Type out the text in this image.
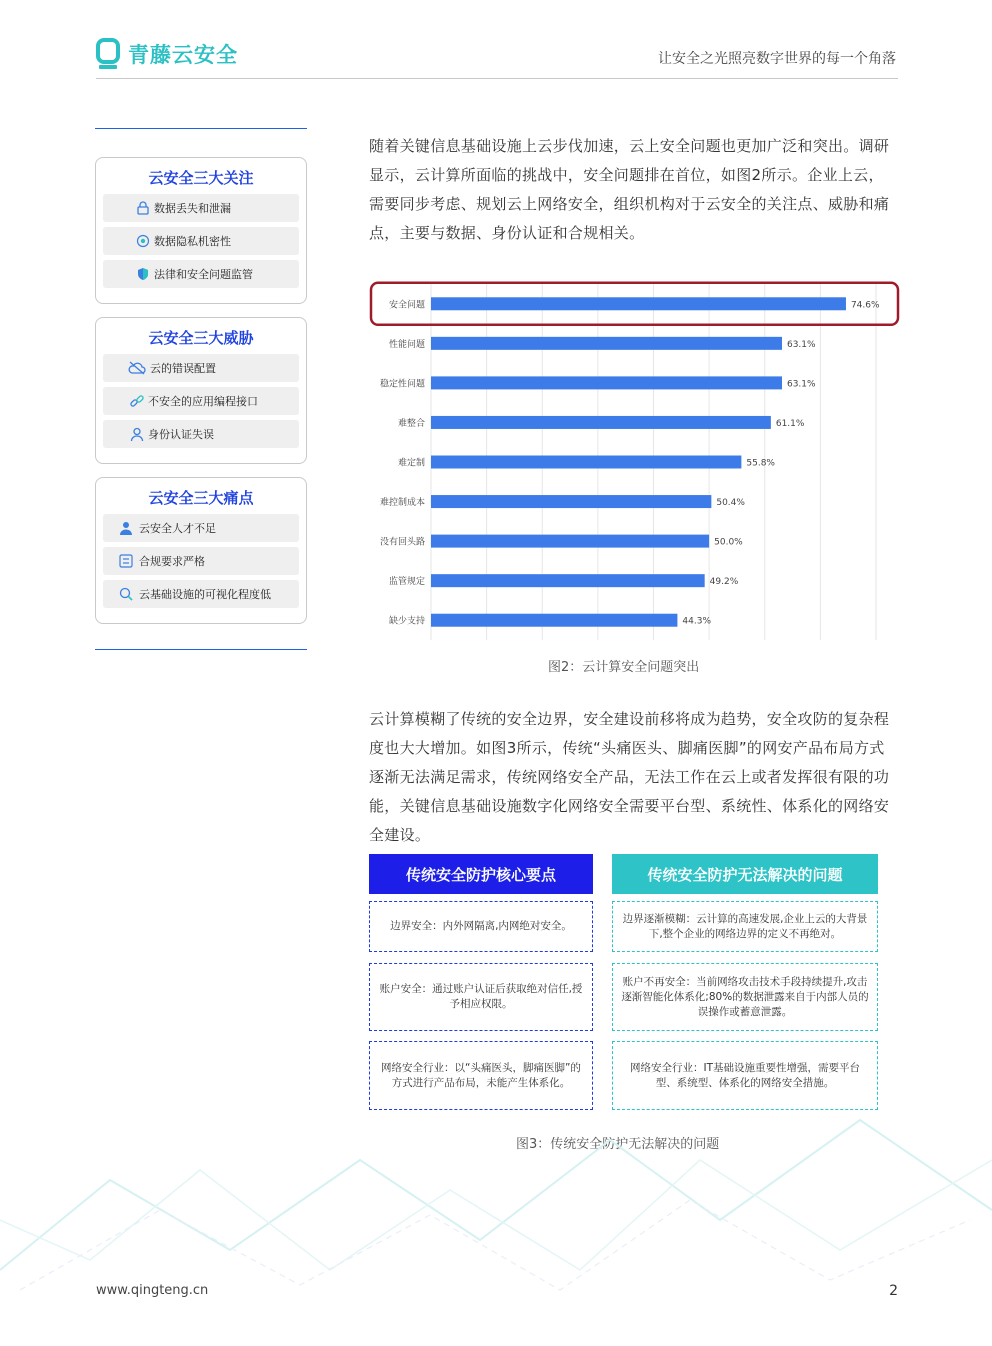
青藤云安全	让安全之光照亮数字世界的每一个角落
云安全三大关注
数据丢失和泄漏
数据隐私机密性
法律和安全问题监管
云安全三大威胁
云的错误配置
不安全的应用编程接口
身份认证失误
云安全三大痛点
云安全人才不足
合规要求严格
云基础设施的可视化程度低
随着关键信息基础设施上云步伐加速，云上安全问题也更加广泛和突出。调研显示，云计算所面临的挑战中，安全问题排在首位，如图2所示。企业上云，需要同步考虑、规划云上网络安全，组织机构对于云安全的关注点、威胁和痛点，主要与数据、身份认证和合规相关。
安全问题	74.6%
性能问题	63.1%
稳定性问题	63.1%
难整合	61.1%
难定制	55.8%
难控制成本	50.4%
没有回头路	50.0%
监管规定	49.2%
缺少支持	44.3%
图2：云计算安全问题突出
云计算模糊了传统的安全边界，安全建设前移将成为趋势，安全攻防的复杂程度也大大增加。如图3所示，传统“头痛医头、脚痛医脚”的网安产品布局方式逐渐无法满足需求，传统网络安全产品，无法工作在云上或者发挥很有限的功能，关键信息基础设施数字化网络安全需要平台型、系统性、体系化的网络安全建设。
传统安全防护核心要点	传统安全防护无法解决的问题
边界安全：内外网隔离,内网绝对安全。
账户安全：通过账户认证后获取绝对信任,授予相应权限。
网络安全行业：以“头痛医头，脚痛医脚”的方式进行产品布局，未能产生体系化。
边界逐渐模糊：云计算的高速发展,企业上云的大背景下,整个企业的网络边界的定义不再绝对。
账户不再安全：当前网络攻击技术手段持续提升,攻击逐渐智能化体系化;80%的数据泄露来自于内部人员的误操作或蓄意泄露。
网络安全行业：IT基础设施重要性增强，需要平台型、系统型、体系化的网络安全措施。
图3：传统安全防护无法解决的问题
www.qingteng.cn	2
